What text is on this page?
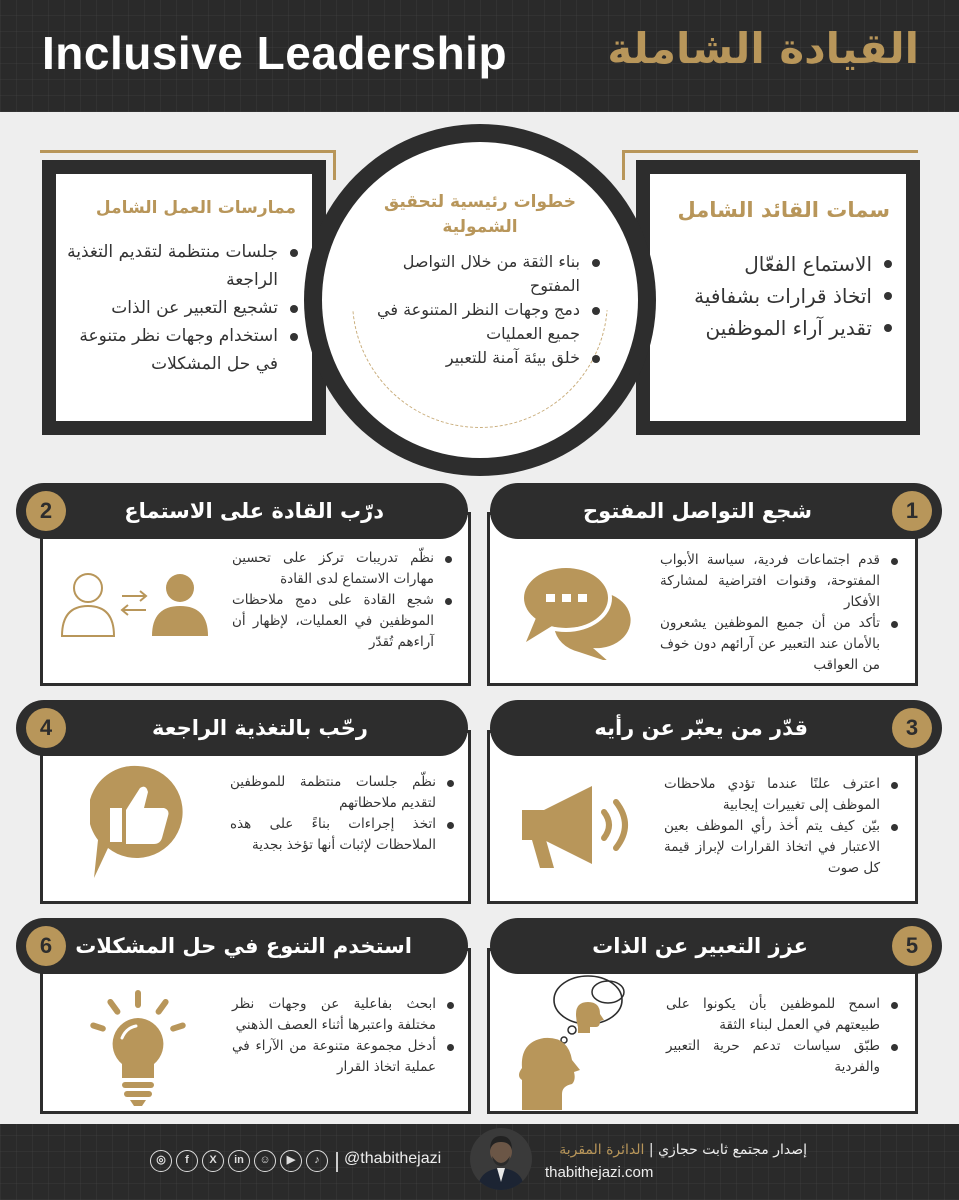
Inclusive Leadership القيادة الشاملة
ممارسات العمل الشامل
جلسات منتظمة لتقديم التغذية الراجعة
تشجيع التعبير عن الذات
استخدام وجهات نظر متنوعة في حل المشكلات
سمات القائد الشامل
الاستماع الفعّال
اتخاذ قرارات بشفافية
تقدير آراء الموظفين
خطوات رئيسية لتحقيق الشمولية
بناء الثقة من خلال التواصل المفتوح
دمج وجهات النظر المتنوعة في جميع العمليات
خلق بيئة آمنة للتعبير
1
شجع التواصل المفتوح
قدم اجتماعات فردية، سياسة الأبواب المفتوحة، وقنوات افتراضية لمشاركة الأفكار
تأكد من أن جميع الموظفين يشعرون بالأمان عند التعبير عن آرائهم دون خوف من العواقب
2	درّب القادة على الاستماع
نظّم تدريبات تركز على تحسين مهارات الاستماع لدى القادة
شجع القادة على دمج ملاحظات الموظفين في العمليات، لإظهار أن آراءهم تُقدّر
3
قدّر من يعبّر عن رأيه
اعترف علنًا عندما تؤدي ملاحظات الموظف إلى تغييرات إيجابية
بيّن كيف يتم أخذ رأي الموظف بعين الاعتبار في اتخاذ القرارات لإبراز قيمة كل صوت
4	رحّب بالتغذية الراجعة
نظّم جلسات منتظمة للموظفين لتقديم ملاحظاتهم
اتخذ إجراءات بناءً على هذه الملاحظات لإثبات أنها تؤخذ بجدية
5
عزز التعبير عن الذات
اسمح للموظفين بأن يكونوا على طبيعتهم في العمل لبناء الثقة
طبّق سياسات تدعم حرية التعبير والفردية
6	استخدم التنوع في حل المشكلات
ابحث بفاعلية عن وجهات نظر مختلفة واعتبرها أثناء العصف الذهني
أدخل مجموعة متنوعة من الآراء في عملية اتخاذ القرار
◎	f	X	in	☺	▶	♪	@thabithejazi	إصدار مجتمع ثابت حجازي | الدائرة المقربة
thabithejazi.com
